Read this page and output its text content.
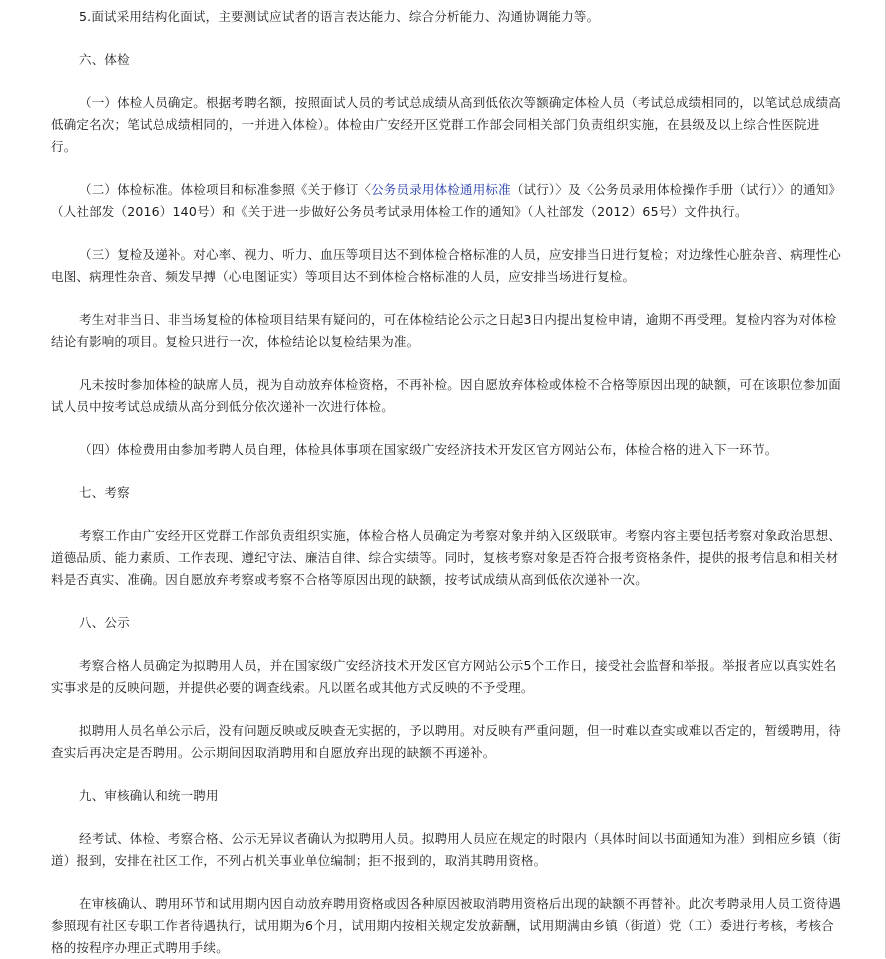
5.面试采用结构化面试，主要测试应试者的语言表达能力、综合分析能力、沟通协调能力等。

六、体检

（一）体检人员确定。根据考聘名额，按照面试人员的考试总成绩从高到低依次等额确定体检人员（考试总成绩相同的，以笔试总成绩高低确定名次；笔试总成绩相同的，一并进入体检）。体检由广安经开区党群工作部会同相关部门负责组织实施，在县级及以上综合性医院进行。

（二）体检标准。体检项目和标准参照《关于修订〈公务员录用体检通用标准（试行）〉及〈公务员录用体检操作手册（试行）〉的通知》（人社部发（2016）140号）和《关于进一步做好公务员考试录用体检工作的通知》（人社部发（2012）65号）文件执行。

（三）复检及递补。对心率、视力、听力、血压等项目达不到体检合格标准的人员，应安排当日进行复检；对边缘性心脏杂音、病理性心电图、病理性杂音、频发早搏（心电图证实）等项目达不到体检合格标准的人员，应安排当场进行复检。

考生对非当日、非当场复检的体检项目结果有疑问的，可在体检结论公示之日起3日内提出复检申请，逾期不再受理。复检内容为对体检结论有影响的项目。复检只进行一次，体检结论以复检结果为准。

凡未按时参加体检的缺席人员，视为自动放弃体检资格，不再补检。因自愿放弃体检或体检不合格等原因出现的缺额，可在该职位参加面试人员中按考试总成绩从高分到低分依次递补一次进行体检。

（四）体检费用由参加考聘人员自理，体检具体事项在国家级广安经济技术开发区官方网站公布，体检合格的进入下一环节。

七、考察

考察工作由广安经开区党群工作部负责组织实施，体检合格人员确定为考察对象并纳入区级联审。考察内容主要包括考察对象政治思想、道德品质、能力素质、工作表现、遵纪守法、廉洁自律、综合实绩等。同时，复核考察对象是否符合报考资格条件，提供的报考信息和相关材料是否真实、准确。因自愿放弃考察或考察不合格等原因出现的缺额，按考试成绩从高到低依次递补一次。

八、公示

考察合格人员确定为拟聘用人员，并在国家级广安经济技术开发区官方网站公示5个工作日，接受社会监督和举报。举报者应以真实姓名实事求是的反映问题，并提供必要的调查线索。凡以匿名或其他方式反映的不予受理。

拟聘用人员名单公示后，没有问题反映或反映查无实据的，予以聘用。对反映有严重问题，但一时难以查实或难以否定的，暂缓聘用，待查实后再决定是否聘用。公示期间因取消聘用和自愿放弃出现的缺额不再递补。

九、审核确认和统一聘用

经考试、体检、考察合格、公示无异议者确认为拟聘用人员。拟聘用人员应在规定的时限内（具体时间以书面通知为准）到相应乡镇（街道）报到，安排在社区工作，不列占机关事业单位编制；拒不报到的，取消其聘用资格。

在审核确认、聘用环节和试用期内因自动放弃聘用资格或因各种原因被取消聘用资格后出现的缺额不再替补。此次考聘录用人员工资待遇参照现有社区专职工作者待遇执行，试用期为6个月，试用期内按相关规定发放薪酬，试用期满由乡镇（街道）党（工）委进行考核，考核合格的按程序办理正式聘用手续。
